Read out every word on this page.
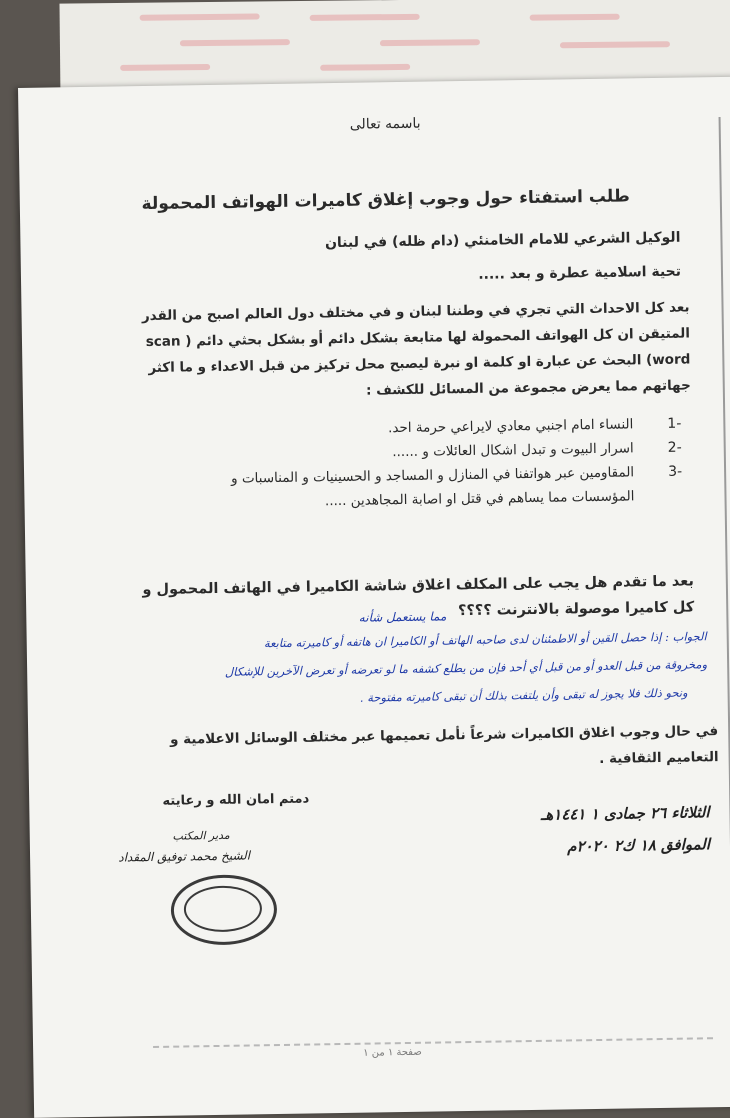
باسمه تعالى
طلب استفتاء حول وجوب إغلاق كاميرات الهواتف المحمولة
الوكيل الشرعي للامام الخامنئي (دام ظله) في لبنان
تحية اسلامية عطرة و بعد .....
بعد كل الاحداث التي تجري في وطننا لبنان و في مختلف دول العالم اصبح من القدر
المتيقن ان كل الهواتف المحمولة لها متابعة بشكل دائم أو بشكل بحثي دائم ( scan
word) البحث عن عبارة او كلمة او نبرة ليصبح محل تركيز من قبل الاعداء و ما اكثر
جهاتهم مما يعرض مجموعة من المسائل للكشف :
-1
النساء امام اجنبي معادي لايراعي حرمة احد.
-2
اسرار البيوت و تبدل اشكال العائلات و ......
-3
المقاومين عبر هواتفنا في المنازل و المساجد و الحسينيات و المناسبات و
المؤسسات مما يساهم في قتل او اصابة المجاهدين .....
بعد ما تقدم هل يجب على المكلف اغلاق شاشة الكاميرا في الهاتف المحمول و
كل كاميرا موصولة بالانترنت ؟؟؟؟
مما يستعمل شأنه
الجواب : إذا حصل القين أو الاطمئنان لدى صاحبه الهاتف أو الكاميرا ان هاتفه أو كاميرته متابعة
ومخروقة من قبل العدو أو من قبل أي أحد فإن من يطلع كشفه ما لو تعرضه أو تعرض الآخرين للإشكال
ونحو ذلك فلا يجوز له تبقى وأن يلتفت بذلك أن تبقى كاميرته مفتوحة .
في حال وجوب اغلاق الكاميرات شرعاً نأمل تعميمها عبر مختلف الوسائل الاعلامية و
التعاميم الثقافية .
الثلاثاء ٢٦ جمادى ١ ١٤٤١هـ
الموافق ١٨ ك٢ ٢٠٢٠م
دمتم امان الله و رعايته
مدير المكتب
الشيخ محمد توفيق المقداد
صفحة ١ من ١
